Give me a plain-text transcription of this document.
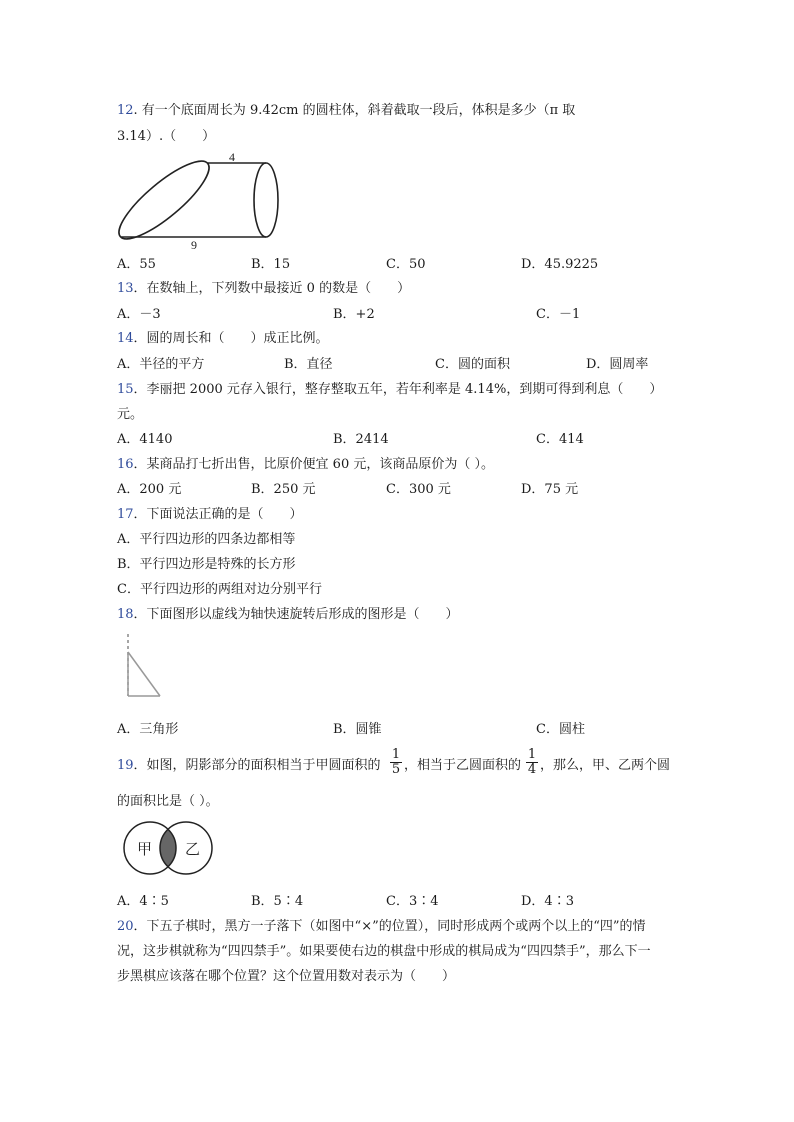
12. 有一个底面周长为 9.42cm 的圆柱体，斜着截取一段后，体积是多少（π 取
3.14）.（　　）
4
9
A．55	B．15	C．50	D．45.9225
13．在数轴上，下列数中最接近 0 的数是（　　）
A．－3	B．+2	C．－1
14．圆的周长和（　　）成正比例。
A．半径的平方	B．直径	C．圆的面积	D．圆周率
15．李丽把 2000 元存入银行，整存整取五年，若年利率是 4.14%，到期可得到利息（　　）
元。
A．4140	B．2414	C．414
16．某商品打七折出售，比原价便宜 60 元，该商品原价为（ ）。
A．200 元	B．250 元	C．300 元	D．75 元
17．下面说法正确的是（　　）
A．平行四边形的四条边都相等
B．平行四边形是特殊的长方形
C．平行四边形的两组对边分别平行
18．下面图形以虚线为轴快速旋转后形成的图形是（　　）
A．三角形	B．圆锥	C．圆柱
19．如图，阴影部分的面积相当于甲圆面积的 $\frac{1}{5}$ ，相当于乙圆面积的 $\frac{1}{4}$ ，那么，甲、乙两个圆
的面积比是（ ）。
甲 乙
A．4∶5	B．5∶4	C．3∶4	D．4∶3
20．下五子棋时，黑方一子落下（如图中“×”的位置），同时形成两个或两个以上的“四”的情
况，这步棋就称为“四四禁手”。如果要使右边的棋盘中形成的棋局成为“四四禁手”，那么下一
步黑棋应该落在哪个位置？这个位置用数对表示为（　　）
